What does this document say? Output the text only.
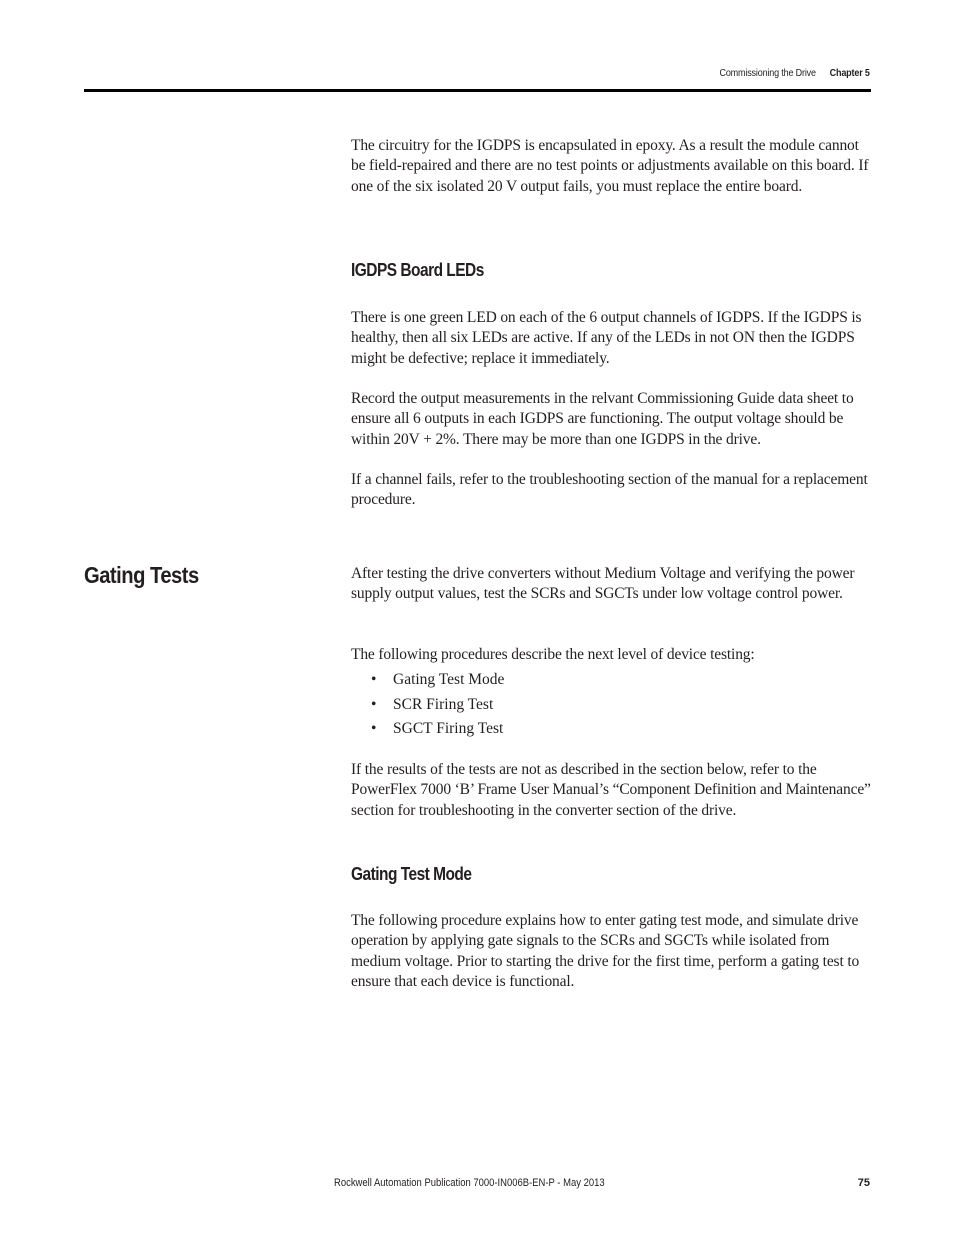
Commissioning the Drive Chapter 5

The circuitry for the IGDPS is encapsulated in epoxy. As a result the module cannot be field-repaired and there are no test points or adjustments available on this board. If one of the six isolated 20 V output fails, you must replace the entire board.

IGDPS Board LEDs

There is one green LED on each of the 6 output channels of IGDPS. If the IGDPS is healthy, then all six LEDs are active. If any of the LEDs in not ON then the IGDPS might be defective; replace it immediately.

Record the output measurements in the relvant Commissioning Guide data sheet to ensure all 6 outputs in each IGDPS are functioning. The output voltage should be within 20V + 2%. There may be more than one IGDPS in the drive.

If a channel fails, refer to the troubleshooting section of the manual for a replacement procedure.

Gating Tests	After testing the drive converters without Medium Voltage and verifying the power supply output values, test the SCRs and SGCTs under low voltage control power.

The following procedures describe the next level of device testing:

• Gating Test Mode
• SCR Firing Test
• SGCT Firing Test

If the results of the tests are not as described in the section below, refer to the PowerFlex 7000 ‘B’ Frame User Manual’s “Component Definition and Maintenance” section for troubleshooting in the converter section of the drive.

Gating Test Mode

The following procedure explains how to enter gating test mode, and simulate drive operation by applying gate signals to the SCRs and SGCTs while isolated from medium voltage. Prior to starting the drive for the first time, perform a gating test to ensure that each device is functional.

Rockwell Automation Publication 7000-IN006B-EN-P - May 2013	75
